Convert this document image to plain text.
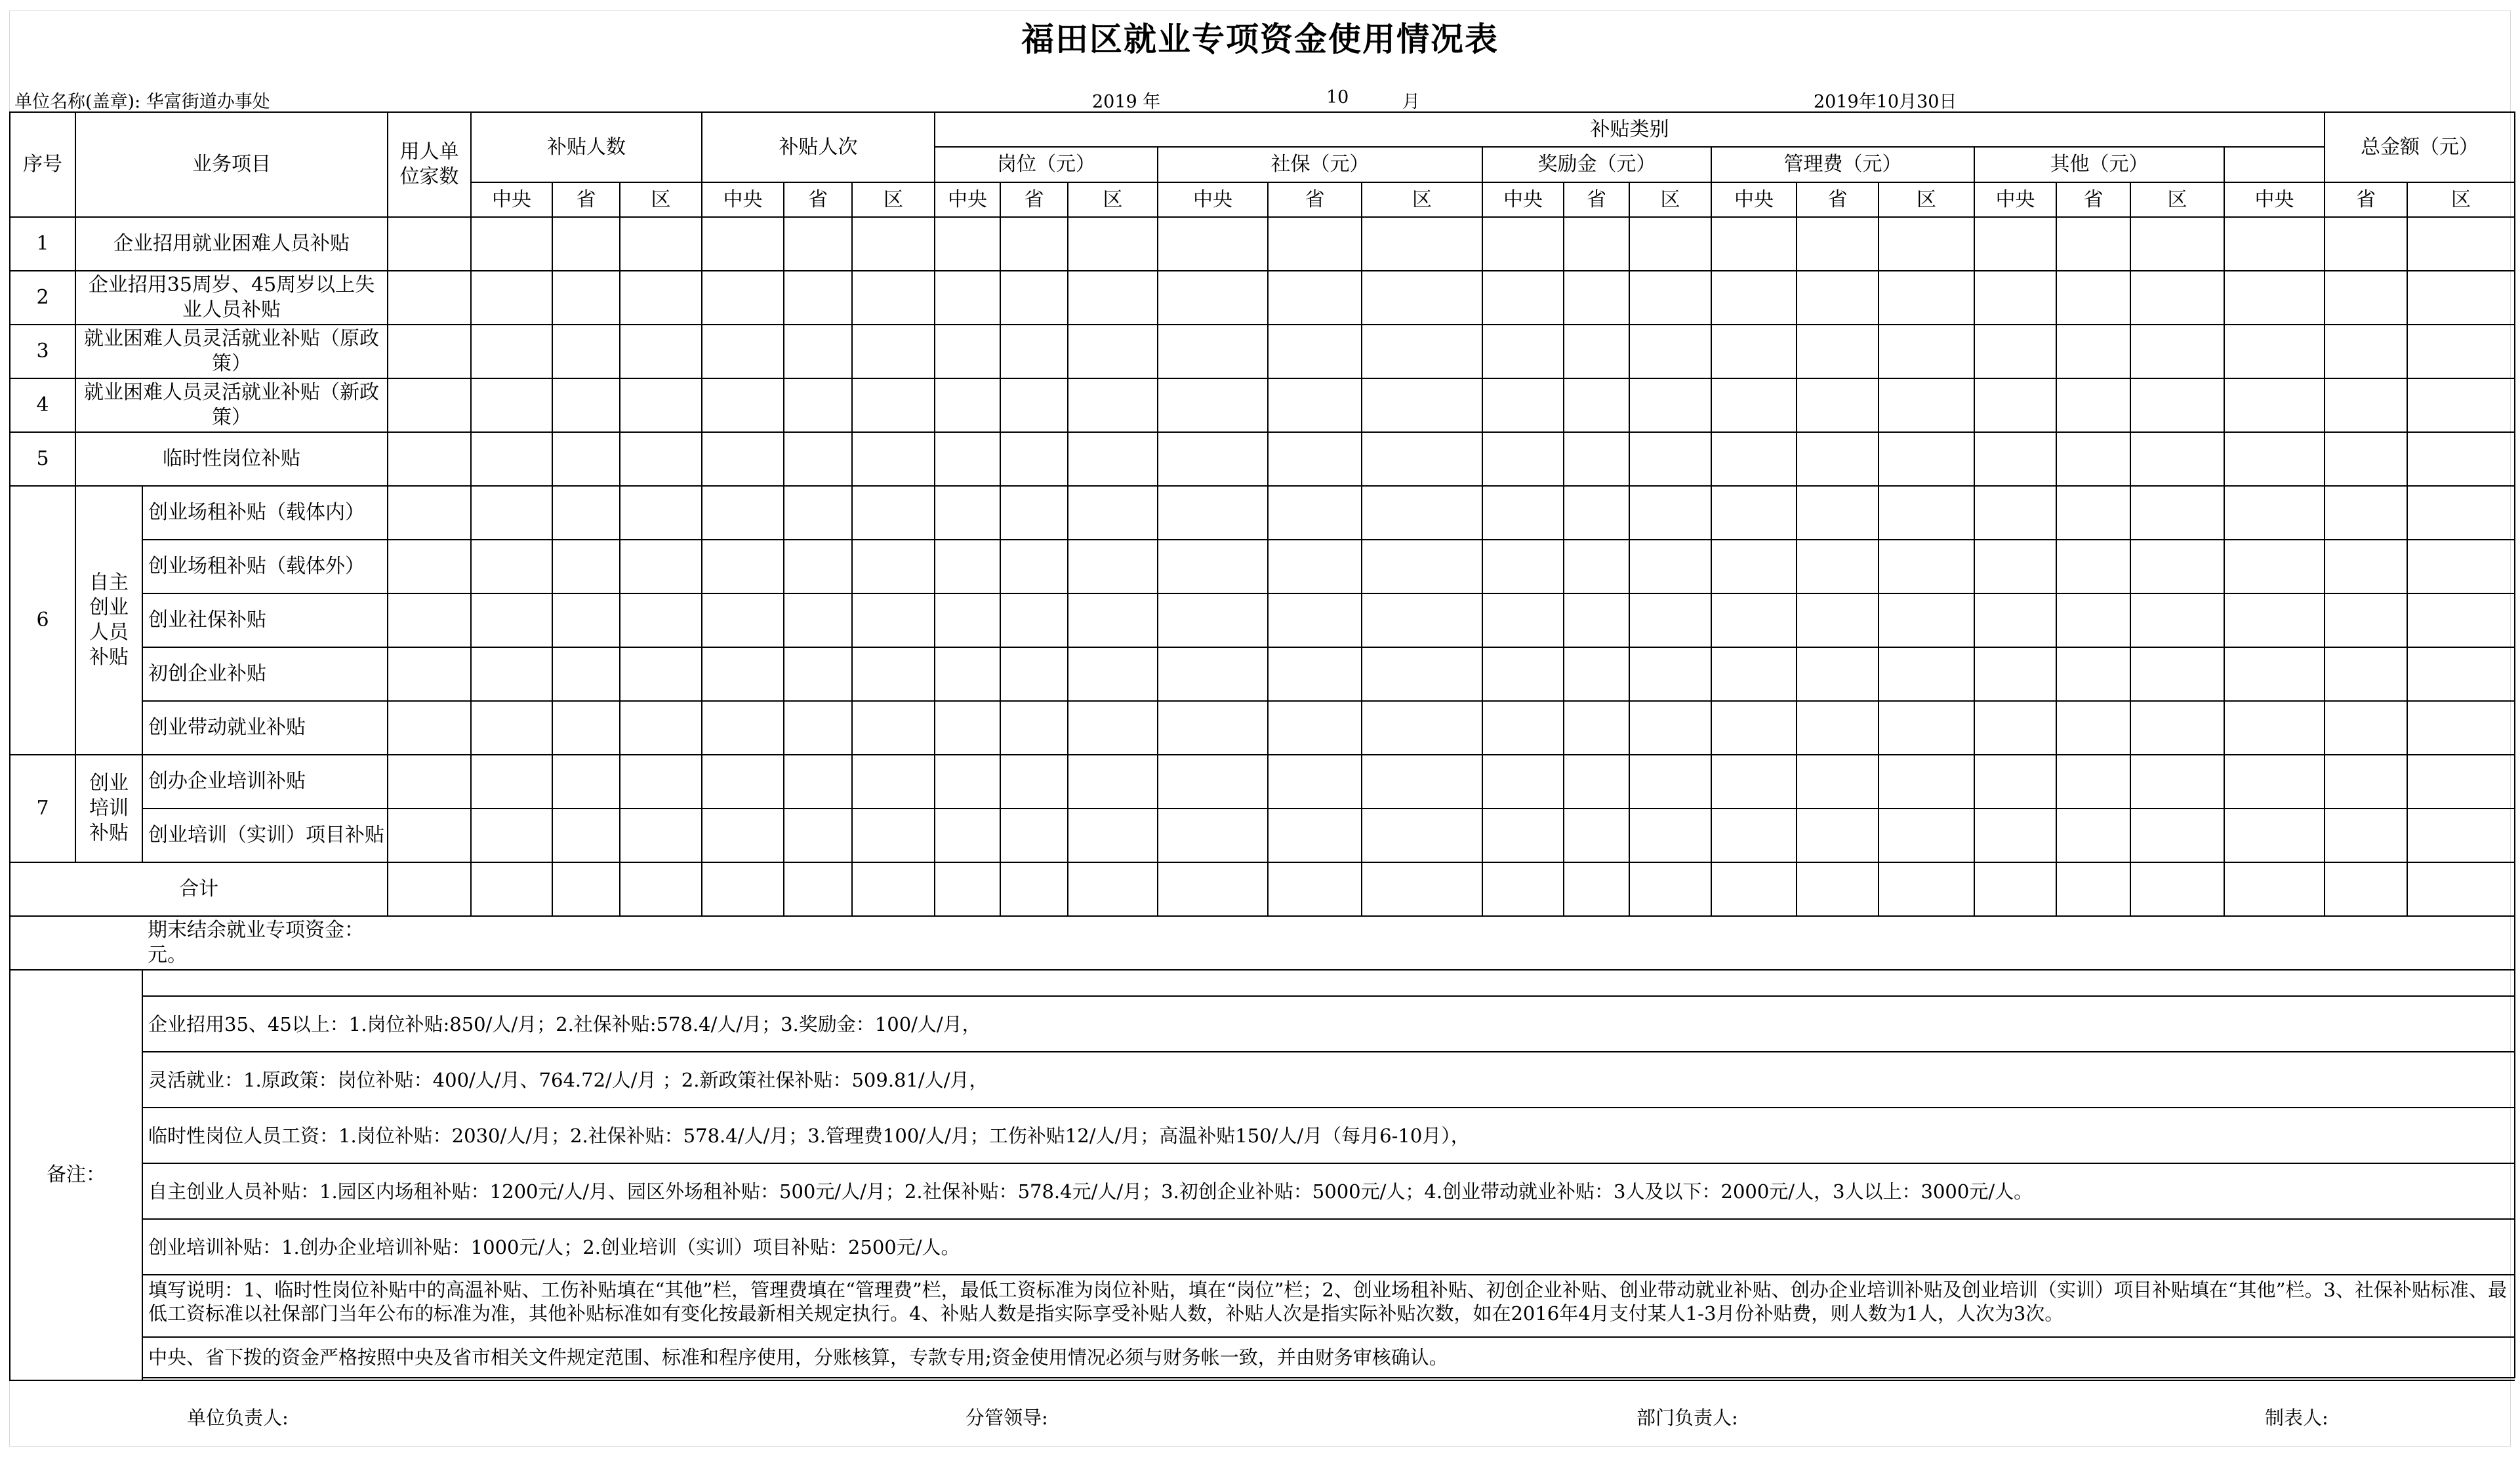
福田区就业专项资金使用情况表
单位名称(盖章): 华富街道办事处	2019 年	10	月	2019年10月30日
序号	业务项目		用人单位家数	补贴人数			补贴人次			补贴类别																总金额（元）	
										岗位（元）			社保（元）			奖励金（元）			管理费（元）			其他（元）					
				中央	省	区	中央	省	区	中央	省	区	中央	省	区	中央	省	区	中央	省	区	中央	省	区	中央	省	区
1	企业招用就业困难人员补贴																										
2	企业招用35周岁、45周岁以上失业人员补贴																										
3	就业困难人员灵活就业补贴（原政策）																										
4	就业困难人员灵活就业补贴（新政策）																										
5	临时性岗位补贴																										
6	自主创业人员补贴	创业场租补贴（载体内）																									
		创业场租补贴（载体外）																									
		创业社保补贴																									
		初创企业补贴																									
		创业带动就业补贴																									
7	创业培训补贴	创办企业培训补贴																									
		创业培训（实训）项目补贴																									
合计																											
		期末结余就业专项资金： 元。																									
备注：																											
		企业招用35、45以上：1.岗位补贴:850/人/月；2.社保补贴:578.4/人/月；3.奖励金：100/人/月，																									
		灵活就业：1.原政策：岗位补贴：400/人/月、764.72/人/月 ；2.新政策社保补贴：509.81/人/月，																									
		临时性岗位人员工资：1.岗位补贴：2030/人/月；2.社保补贴：578.4/人/月；3.管理费100/人/月；工伤补贴12/人/月；高温补贴150/人/月（每月6-10月），																									
		自主创业人员补贴：1.园区内场租补贴：1200元/人/月、园区外场租补贴：500元/人/月；2.社保补贴：578.4元/人/月；3.初创企业补贴：5000元/人；4.创业带动就业补贴：3人及以下：2000元/人，3人以上：3000元/人。																									
		创业培训补贴：1.创办企业培训补贴：1000元/人；2.创业培训（实训）项目补贴：2500元/人。																									

		填写说明：1、临时性岗位补贴中的高温补贴、工伤补贴填在“其他”栏，管理费填在“管理费”栏，最低工资标准为岗位补贴，填在“岗位”栏；2、创业场租补贴、初创企业补贴、创业带动就业补贴、创办企业培训补贴及创业培训（实训）项目补贴填在“其他”栏。3、社保补贴标准、最低工资标准以社保部门当年公布的标准为准，其他补贴标准如有变化按最新相关规定执行。4、补贴人数是指实际享受补贴人数，补贴人次是指实际补贴次数，如在2016年4月支付某人1-3月份补贴费，则人数为1人，人次为3次。																									

		中央、省下拨的资金严格按照中央及省市相关文件规定范围、标准和程序使用，分账核算，专款专用;资金使用情况必须与财务帐一致，并由财务审核确认。																									

单位负责人:	分管领导:	部门负责人:	制表人:
